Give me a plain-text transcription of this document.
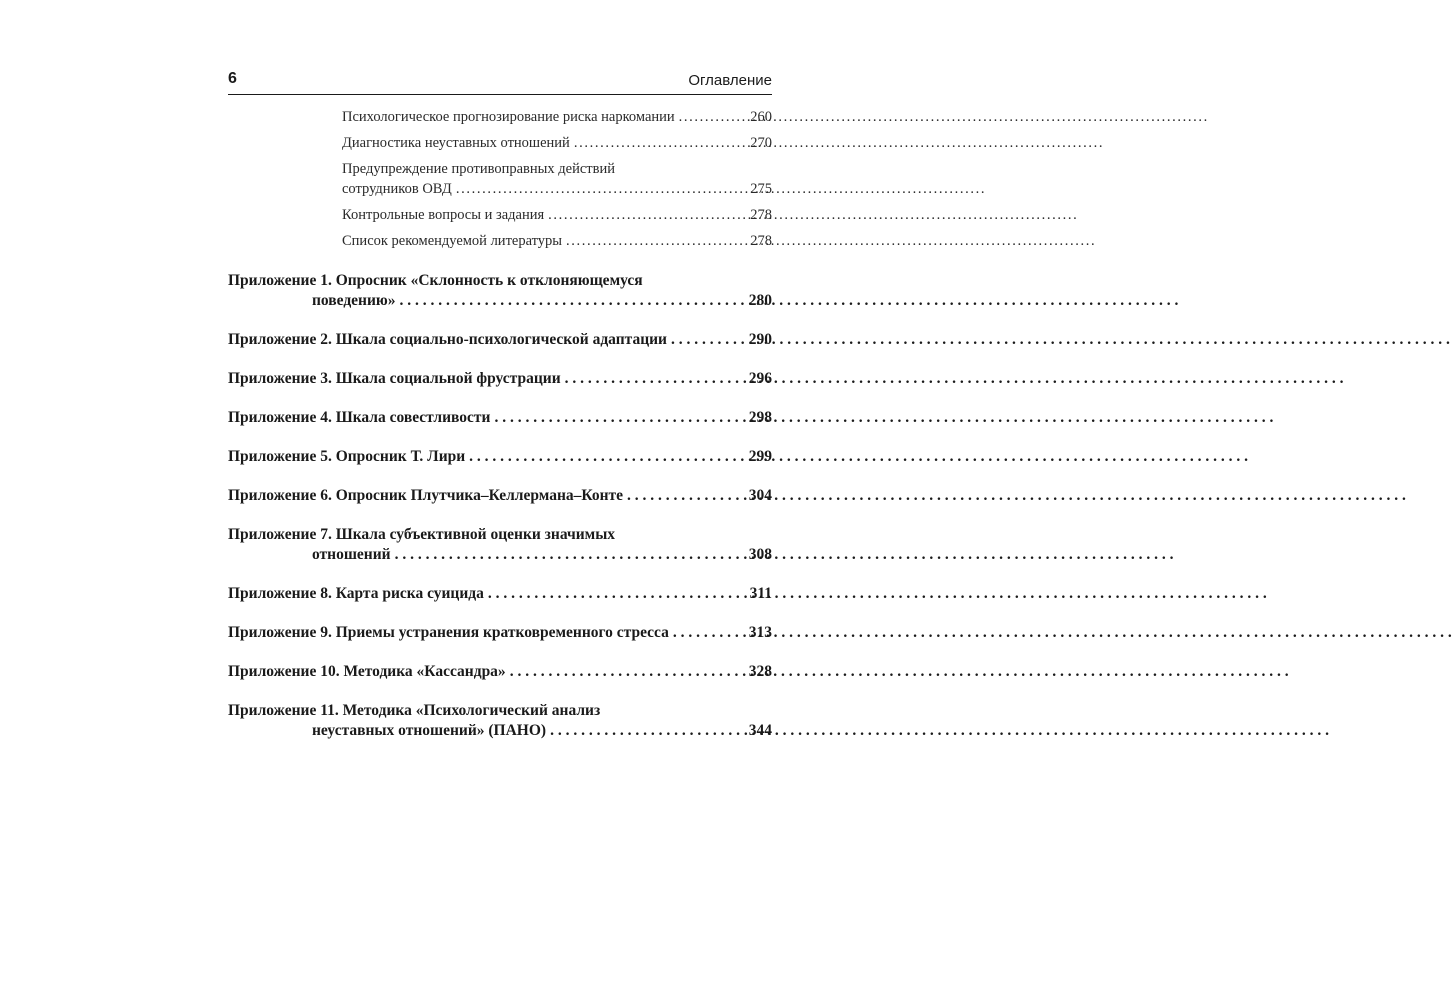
6	Оглавление
Психологическое прогнозирование риска наркомании . . .	260
Диагностика неуставных отношений . . .	270
Предупреждение противоправных действий
сотрудников ОВД . . .	275
Контрольные вопросы и задания . . .	278
Список рекомендуемой литературы . . .	278
Приложение 1. Опросник «Склонность к отклоняющемуся
поведению» . . .	280
Приложение 2. Шкала социально-психологической адаптации . . .	290
Приложение 3. Шкала социальной фрустрации . . .	296
Приложение 4. Шкала совестливости . . .	298
Приложение 5. Опросник Т. Лири . . .	299
Приложение 6. Опросник Плутчика–Келлермана–Конте . . .	304
Приложение 7. Шкала субъективной оценки значимых
отношений . . .	308
Приложение 8. Карта риска суицида . . .	311
Приложение 9. Приемы устранения кратковременного стресса . . .	313
Приложение 10. Методика «Кассандра» . . .	328
Приложение 11. Методика «Психологический анализ
неуставных отношений» (ПАНО) . . .	344
